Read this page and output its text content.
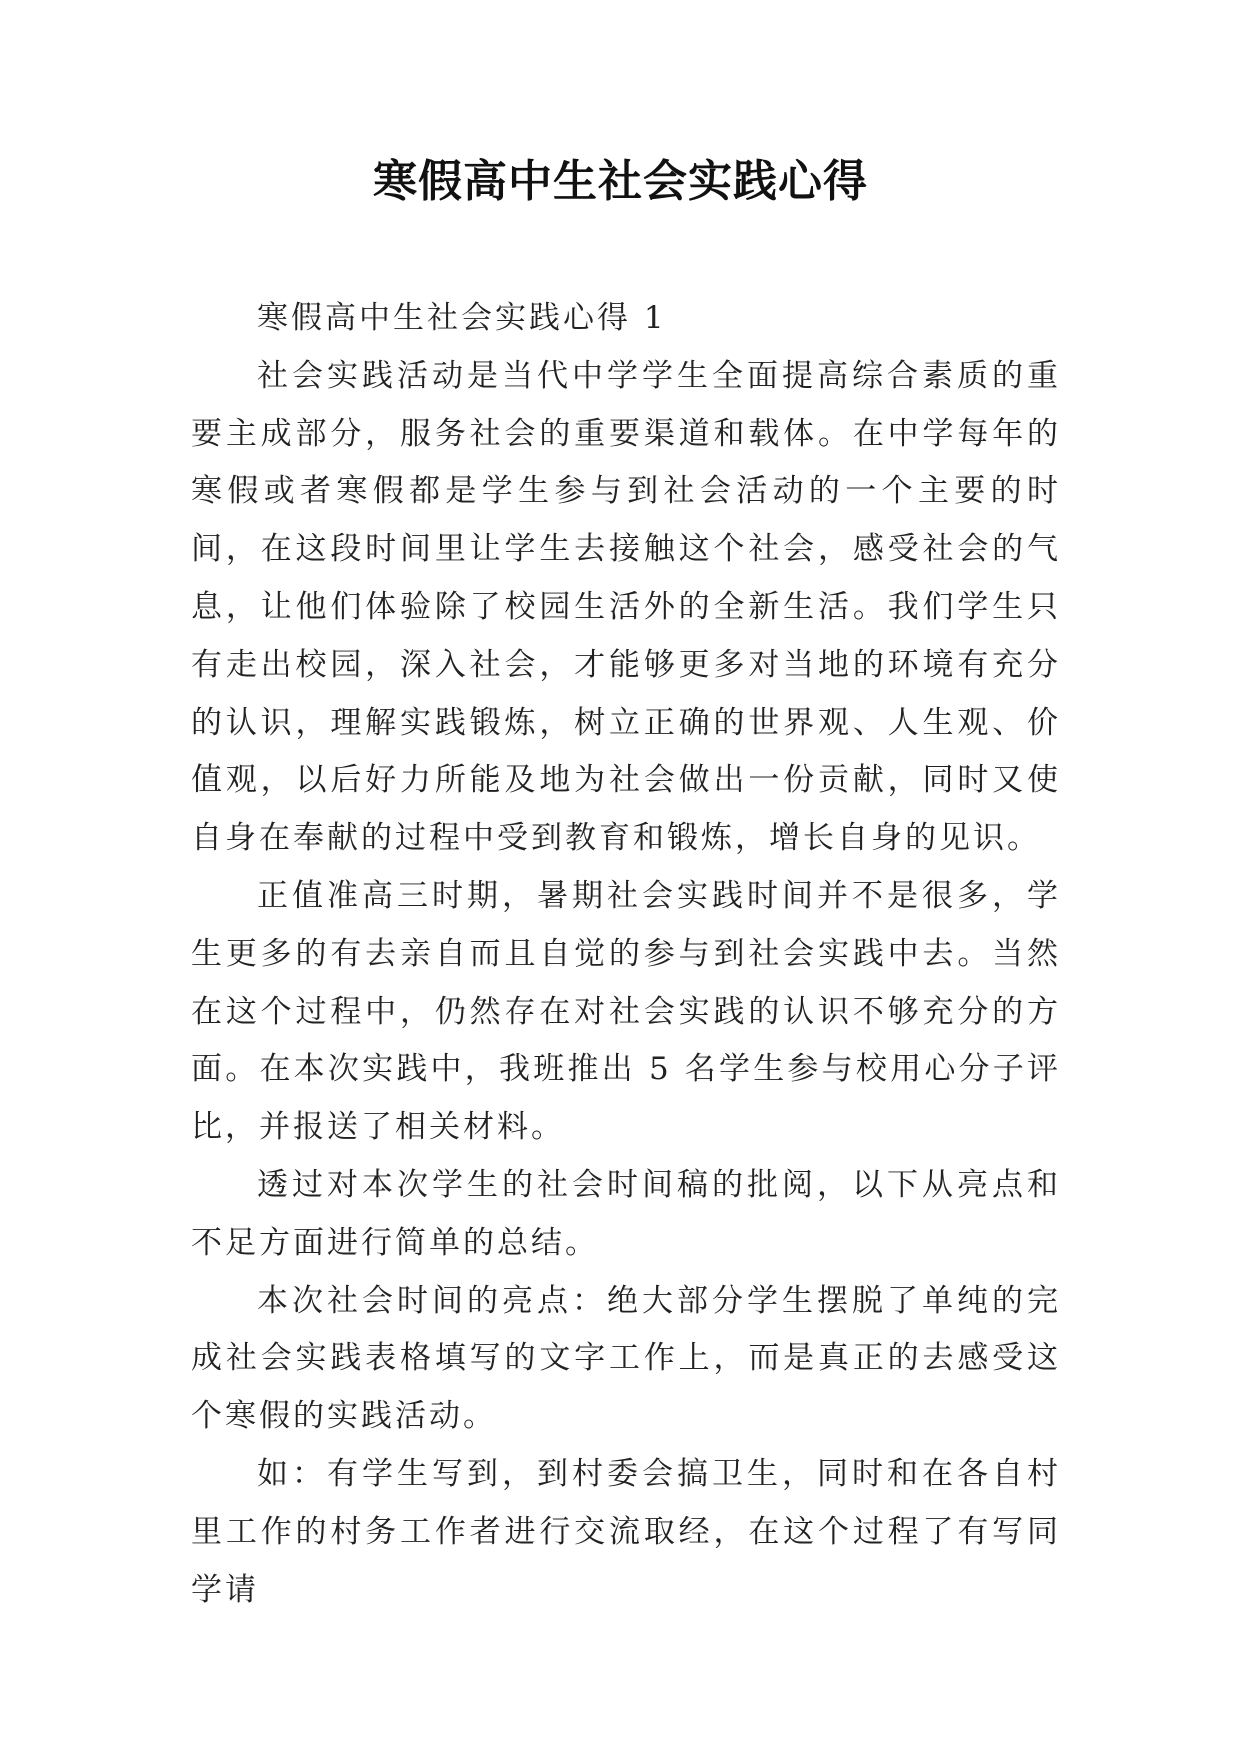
寒假高中生社会实践心得

寒假高中生社会实践心得 1

社会实践活动是当代中学学生全面提高综合素质的重要主成部分，服务社会的重要渠道和载体。在中学每年的寒假或者寒假都是学生参与到社会活动的一个主要的时间，在这段时间里让学生去接触这个社会，感受社会的气息，让他们体验除了校园生活外的全新生活。我们学生只有走出校园，深入社会，才能够更多对当地的环境有充分的认识，理解实践锻炼，树立正确的世界观、人生观、价值观，以后好力所能及地为社会做出一份贡献，同时又使自身在奉献的过程中受到教育和锻炼，增长自身的见识。

正值准高三时期，暑期社会实践时间并不是很多，学生更多的有去亲自而且自觉的参与到社会实践中去。当然在这个过程中，仍然存在对社会实践的认识不够充分的方面。在本次实践中，我班推出 5 名学生参与校用心分子评比，并报送了相关材料。

透过对本次学生的社会时间稿的批阅，以下从亮点和不足方面进行简单的总结。

本次社会时间的亮点：绝大部分学生摆脱了单纯的完成社会实践表格填写的文字工作上，而是真正的去感受这个寒假的实践活动。

如：有学生写到，到村委会搞卫生，同时和在各自村里工作的村务工作者进行交流取经，在这个过程了有写同学请
